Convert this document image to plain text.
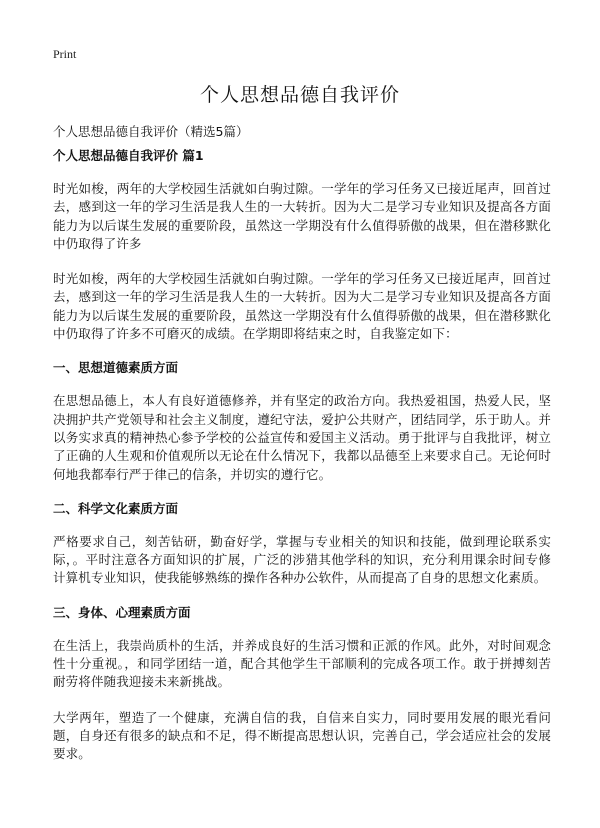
Print
个人思想品德自我评价
个人思想品德自我评价（精选5篇）
个人思想品德自我评价 篇1
时光如梭，两年的大学校园生活就如白驹过隙。一学年的学习任务又已接近尾声，回首过去，感到这一年的学习生活是我人生的一大转折。因为大二是学习专业知识及提高各方面能力为以后谋生发展的重要阶段，虽然这一学期没有什么值得骄傲的战果，但在潜移默化中仍取得了许多
时光如梭，两年的大学校园生活就如白驹过隙。一学年的学习任务又已接近尾声，回首过去，感到这一年的学习生活是我人生的一大转折。因为大二是学习专业知识及提高各方面能力为以后谋生发展的重要阶段，虽然这一学期没有什么值得骄傲的战果，但在潜移默化中仍取得了许多不可磨灭的成绩。在学期即将结束之时，自我鉴定如下：
一、思想道德素质方面
在思想品德上，本人有良好道德修养，并有坚定的政治方向。我热爱祖国，热爱人民，坚决拥护共产党领导和社会主义制度，遵纪守法，爱护公共财产，团结同学，乐于助人。并以务实求真的精神热心参予学校的公益宣传和爱国主义活动。勇于批评与自我批评，树立了正确的人生观和价值观所以无论在什么情况下，我都以品德至上来要求自己。无论何时何地我都奉行严于律己的信条，并切实的遵行它。
二、科学文化素质方面
严格要求自己，刻苦钻研，勤奋好学，掌握与专业相关的知识和技能，做到理论联系实际，。平时注意各方面知识的扩展，广泛的涉猎其他学科的知识，充分利用课余时间专修计算机专业知识，使我能够熟练的操作各种办公软件，从而提高了自身的思想文化素质。
三、身体、心理素质方面
在生活上，我崇尚质朴的生活，并养成良好的生活习惯和正派的作风。此外，对时间观念性十分重视。，和同学团结一道，配合其他学生干部顺利的完成各项工作。敢于拼搏刻苦耐劳将伴随我迎接未来新挑战。
大学两年，塑造了一个健康，充满自信的我，自信来自实力，同时要用发展的眼光看问题，自身还有很多的缺点和不足，得不断提高思想认识，完善自己，学会适应社会的发展要求。
